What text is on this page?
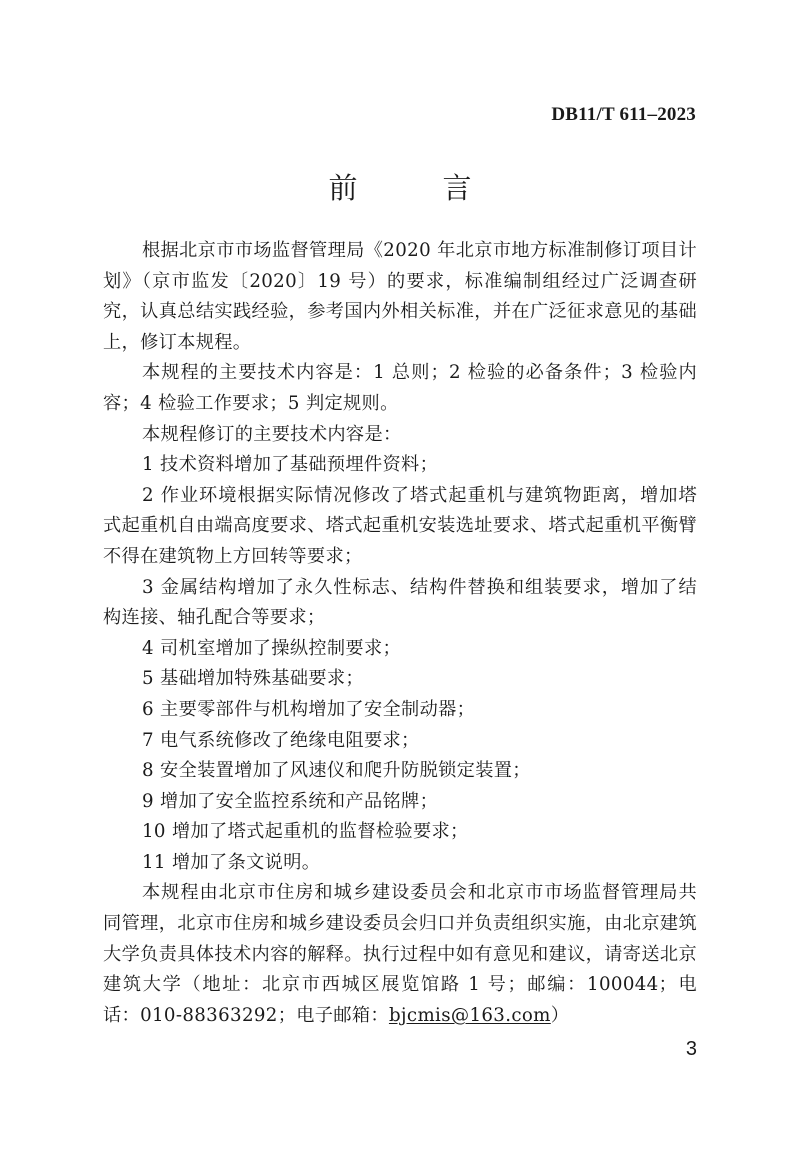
DB11/T 611–2023
前　言

根据北京市市场监督管理局《2020 年北京市地方标准制修订项目计划》（京市监发〔2020〕19 号）的要求，标准编制组经过广泛调查研究，认真总结实践经验，参考国内外相关标准，并在广泛征求意见的基础上，修订本规程。

本规程的主要技术内容是：1 总则；2 检验的必备条件；3 检验内容；4 检验工作要求；5 判定规则。

本规程修订的主要技术内容是：

1 技术资料增加了基础预埋件资料；

2 作业环境根据实际情况修改了塔式起重机与建筑物距离，增加塔式起重机自由端高度要求、塔式起重机安装选址要求、塔式起重机平衡臂不得在建筑物上方回转等要求；

3 金属结构增加了永久性标志、结构件替换和组装要求，增加了结构连接、轴孔配合等要求；

4 司机室增加了操纵控制要求；

5 基础增加特殊基础要求；

6 主要零部件与机构增加了安全制动器；

7 电气系统修改了绝缘电阻要求；

8 安全装置增加了风速仪和爬升防脱锁定装置；

9 增加了安全监控系统和产品铭牌；

10 增加了塔式起重机的监督检验要求；

11 增加了条文说明。

本规程由北京市住房和城乡建设委员会和北京市市场监督管理局共同管理，北京市住房和城乡建设委员会归口并负责组织实施，由北京建筑大学负责具体技术内容的解释。执行过程中如有意见和建议，请寄送北京建筑大学（地址：北京市西城区展览馆路 1 号；邮编：100044；电话：010-88363292；电子邮箱：bjcmis@163.com）

3
